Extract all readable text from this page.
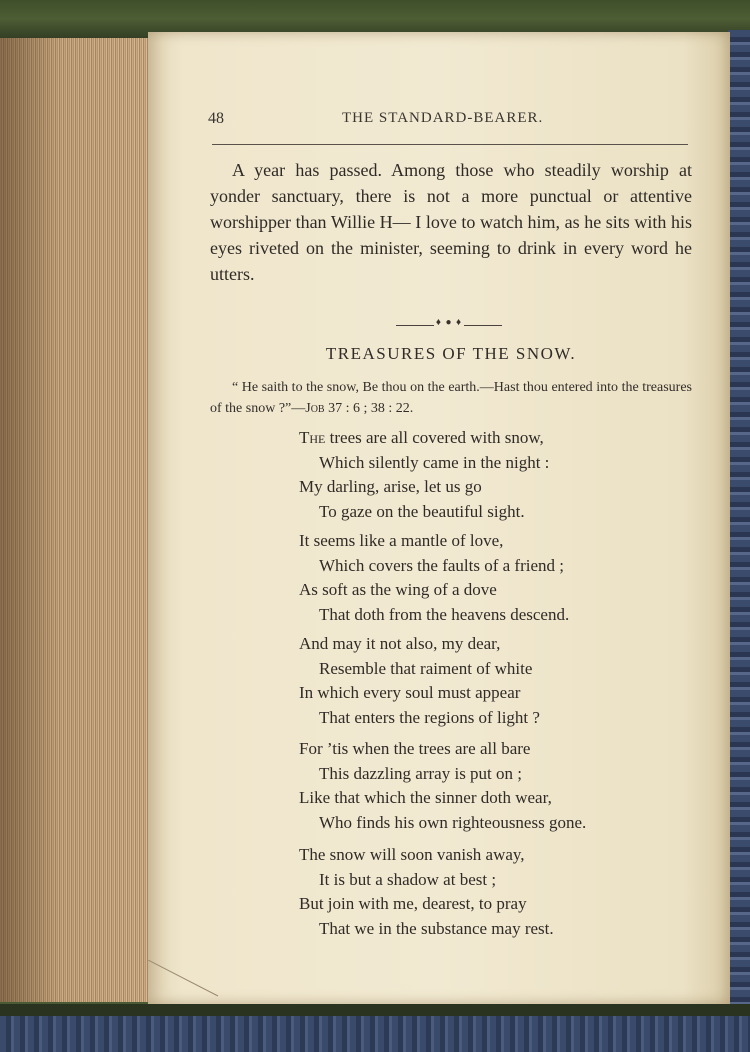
48	THE STANDARD-BEARER.

A year has passed. Among those who steadily worship at yonder sanctuary, there is not a more punctual or attentive worshipper than Willie H— I love to watch him, as he sits with his eyes riveted on the minister, seeming to drink in every word he utters.

♦ ● ♦
TREASURES OF THE SNOW.

“ He saith to the snow, Be thou on the earth.—Hast thou entered into the treasures of the snow ?”—Job 37 : 6 ; 38 : 22.

The trees are all covered with snow,
Which silently came in the night :
My darling, arise, let us go
To gaze on the beautiful sight.
It seems like a mantle of love,
Which covers the faults of a friend ;
As soft as the wing of a dove
That doth from the heavens descend.
And may it not also, my dear,
Resemble that raiment of white
In which every soul must appear
That enters the regions of light ?
For ’tis when the trees are all bare
This dazzling array is put on ;
Like that which the sinner doth wear,
Who finds his own righteousness gone.
The snow will soon vanish away,
It is but a shadow at best ;
But join with me, dearest, to pray
That we in the substance may rest.
